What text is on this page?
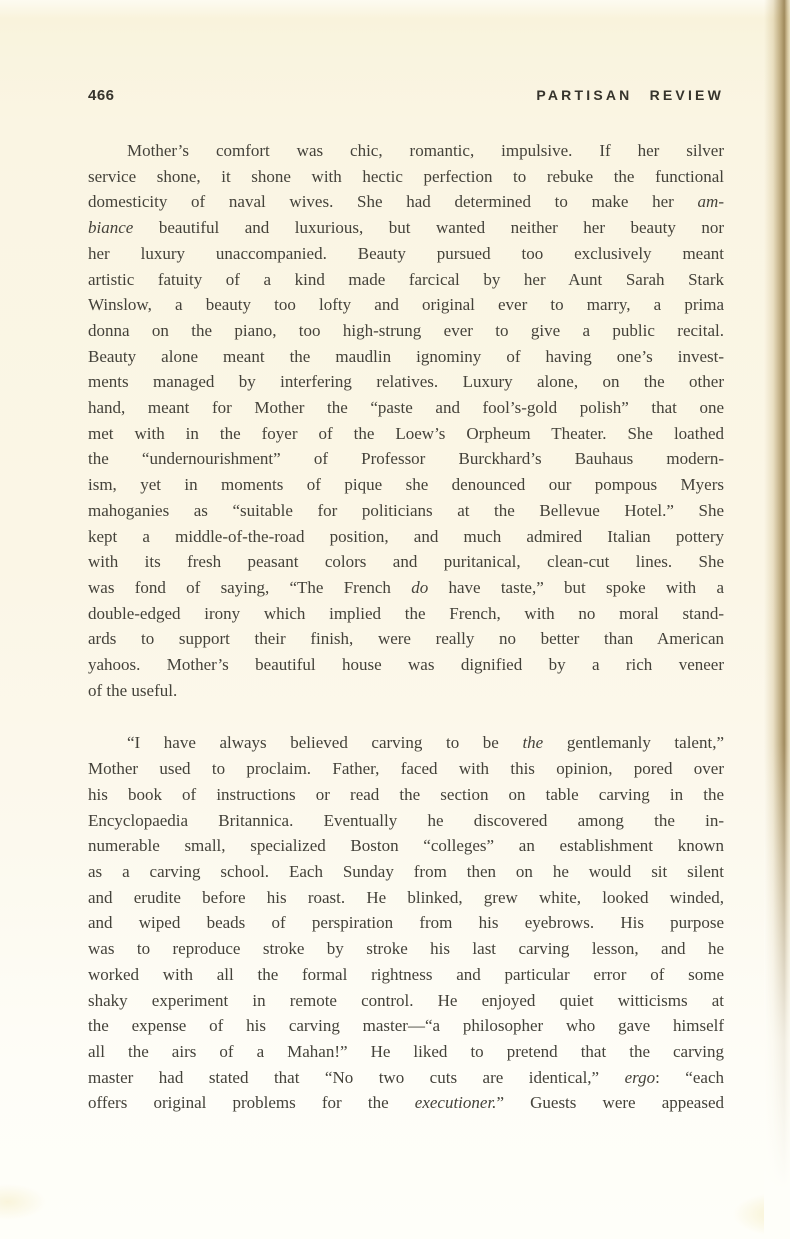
466	PARTISAN REVIEW
Mother’s comfort was chic, romantic, impulsive. If her silver
service shone, it shone with hectic perfection to rebuke the functional
domesticity of naval wives. She had determined to make her am-
biance beautiful and luxurious, but wanted neither her beauty nor
her luxury unaccompanied. Beauty pursued too exclusively meant
artistic fatuity of a kind made farcical by her Aunt Sarah Stark
Winslow, a beauty too lofty and original ever to marry, a prima
donna on the piano, too high-strung ever to give a public recital.
Beauty alone meant the maudlin ignominy of having one’s invest-
ments managed by interfering relatives. Luxury alone, on the other
hand, meant for Mother the “paste and fool’s-gold polish” that one
met with in the foyer of the Loew’s Orpheum Theater. She loathed
the “undernourishment” of Professor Burckhard’s Bauhaus modern-
ism, yet in moments of pique she denounced our pompous Myers
mahoganies as “suitable for politicians at the Bellevue Hotel.” She
kept a middle-of-the-road position, and much admired Italian pottery
with its fresh peasant colors and puritanical, clean-cut lines. She
was fond of saying, “The French do have taste,” but spoke with a
double-edged irony which implied the French, with no moral stand-
ards to support their finish, were really no better than American
yahoos. Mother’s beautiful house was dignified by a rich veneer
of the useful.
“I have always believed carving to be the gentlemanly talent,”
Mother used to proclaim. Father, faced with this opinion, pored over
his book of instructions or read the section on table carving in the
Encyclopaedia Britannica. Eventually he discovered among the in-
numerable small, specialized Boston “colleges” an establishment known
as a carving school. Each Sunday from then on he would sit silent
and erudite before his roast. He blinked, grew white, looked winded,
and wiped beads of perspiration from his eyebrows. His purpose
was to reproduce stroke by stroke his last carving lesson, and he
worked with all the formal rightness and particular error of some
shaky experiment in remote control. He enjoyed quiet witticisms at
the expense of his carving master—“a philosopher who gave himself
all the airs of a Mahan!” He liked to pretend that the carving
master had stated that “No two cuts are identical,” ergo: “each
offers original problems for the executioner.” Guests were appeased
